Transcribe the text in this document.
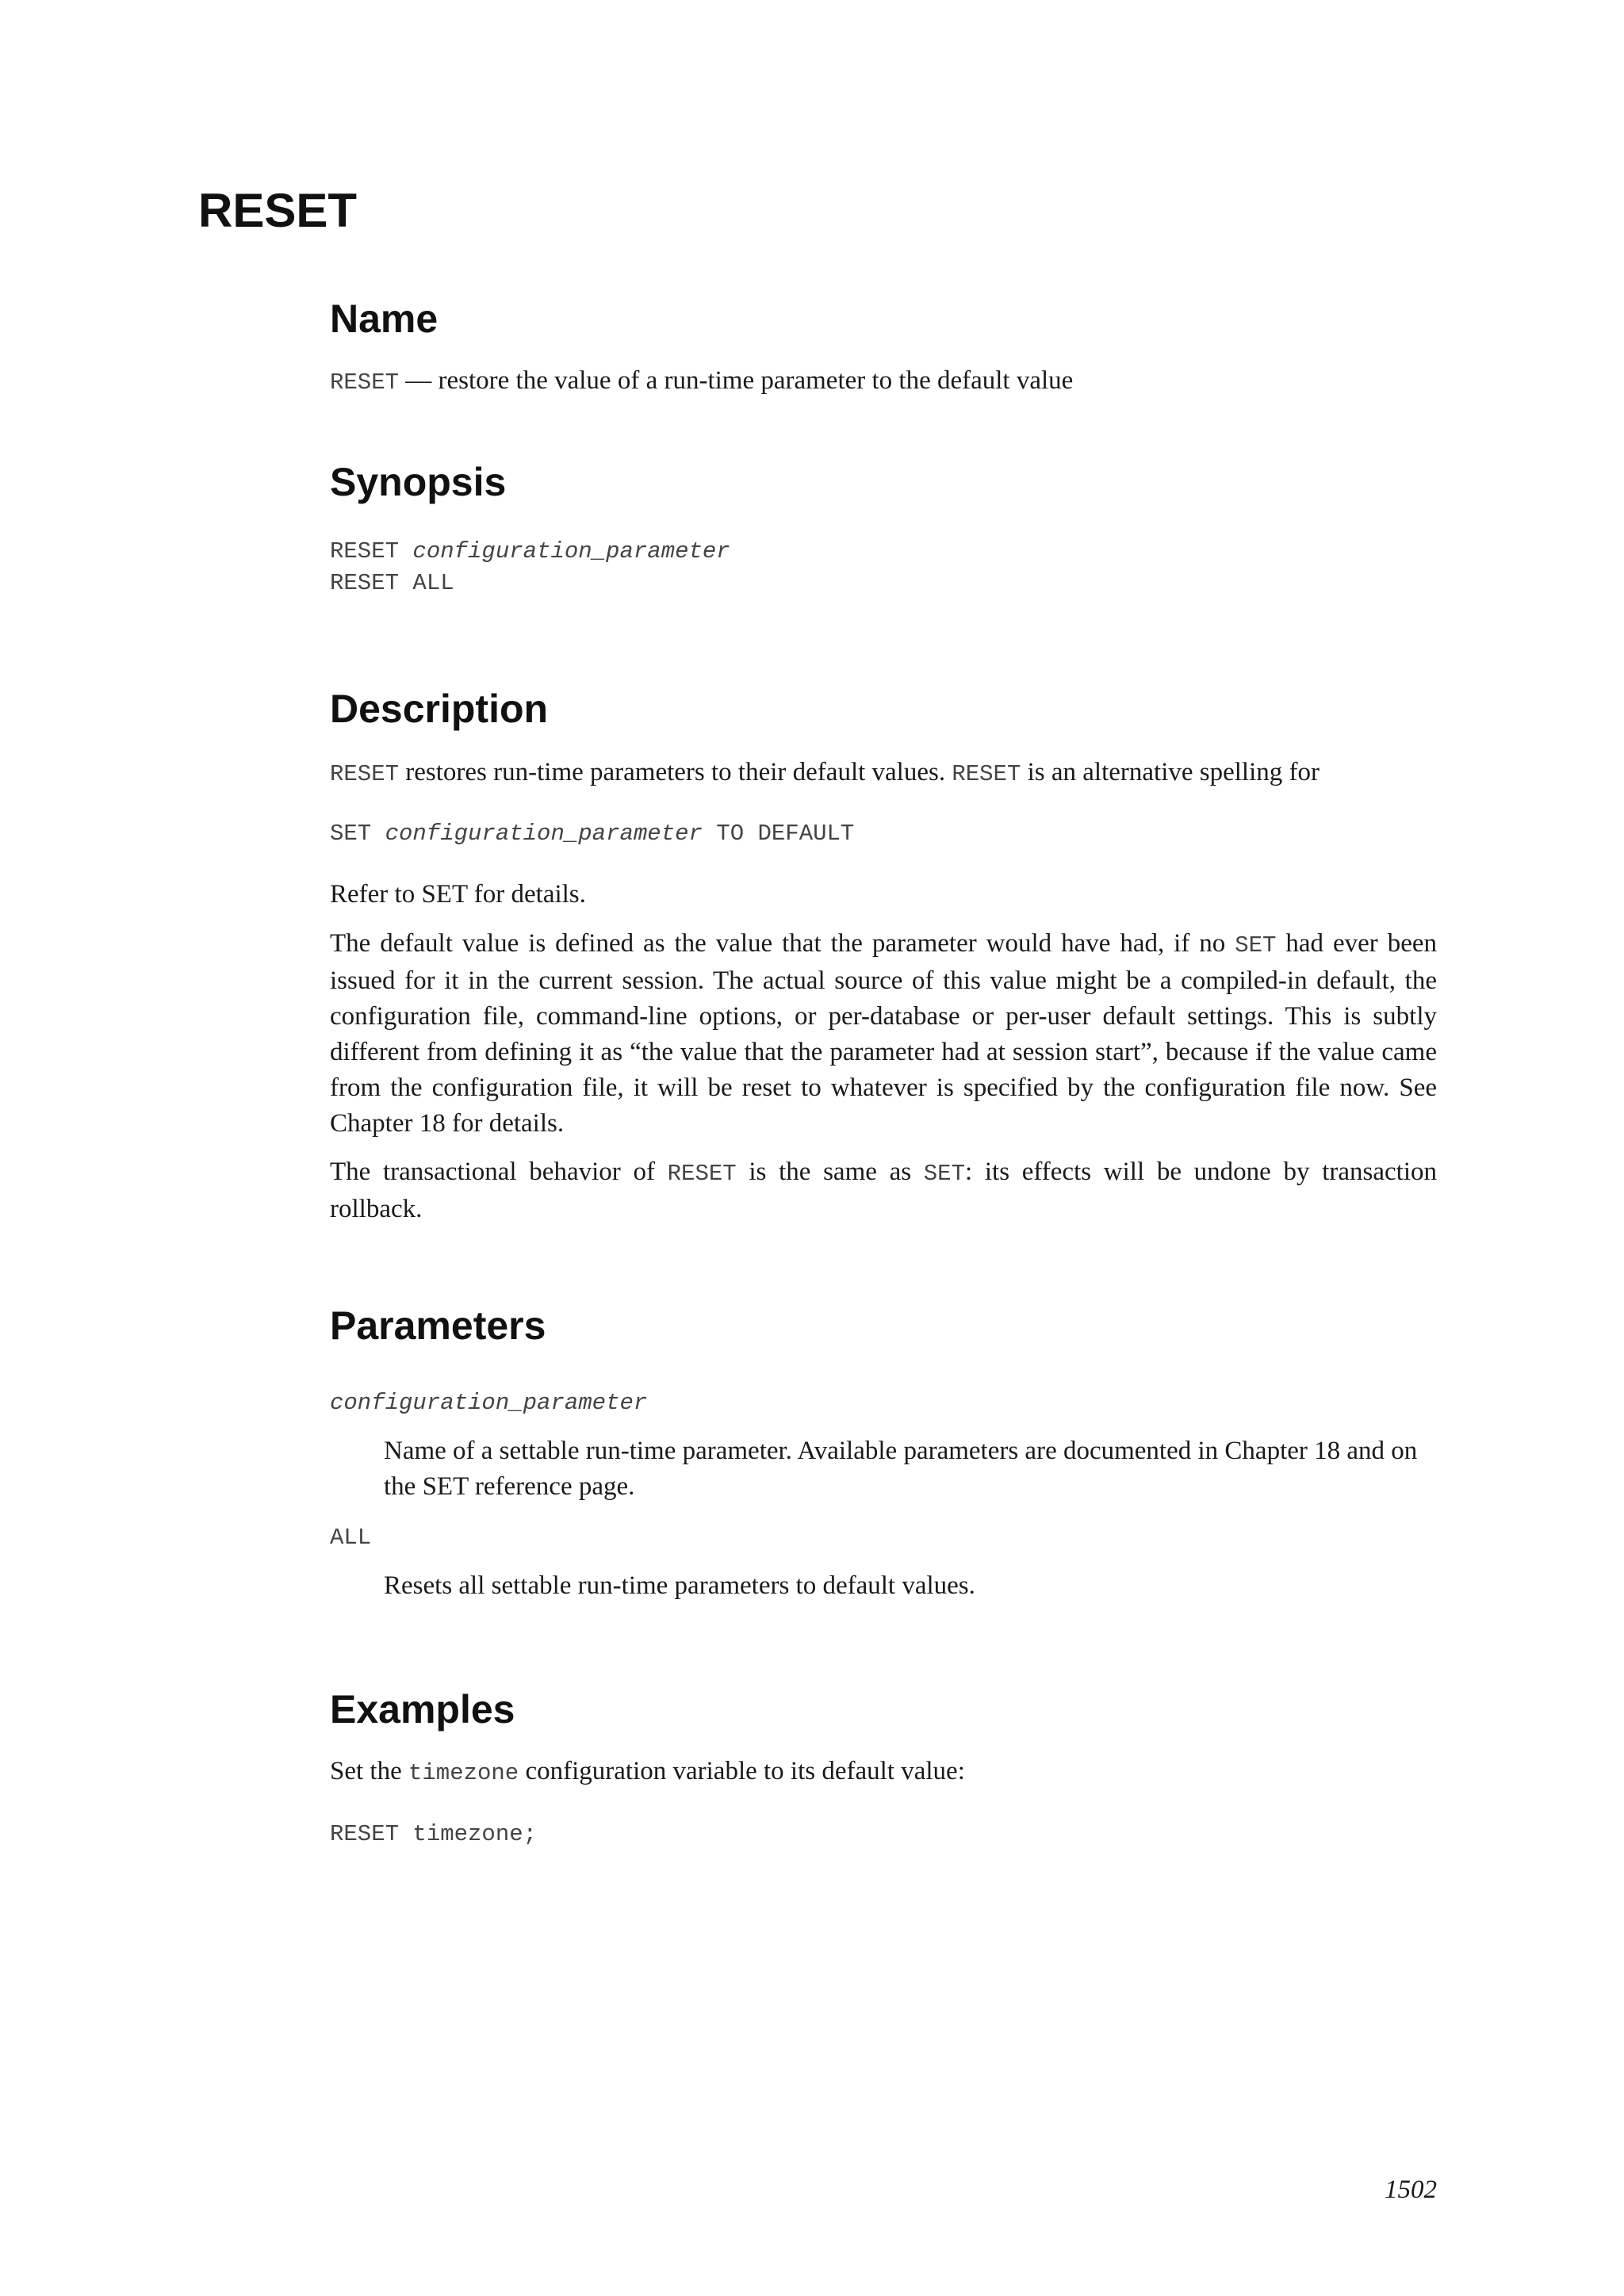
RESET
Name

RESET — restore the value of a run-time parameter to the default value

Synopsis

RESET configuration_parameter

RESET ALL

Description

RESET restores run-time parameters to their default values. RESET is an alternative spelling for

SET configuration_parameter TO DEFAULT

Refer to SET for details.

The default value is defined as the value that the parameter would have had, if no SET had ever been issued for it in the current session. The actual source of this value might be a compiled-in default, the configuration file, command-line options, or per-database or per-user default settings. This is subtly different from defining it as “the value that the parameter had at session start”, because if the value came from the configuration file, it will be reset to whatever is specified by the configuration file now. See Chapter 18 for details.

The transactional behavior of RESET is the same as SET: its effects will be undone by transaction rollback.

Parameters

configuration_parameter

Name of a settable run-time parameter. Available parameters are documented in Chapter 18 and on the SET reference page.

ALL

Resets all settable run-time parameters to default values.

Examples

Set the timezone configuration variable to its default value:

RESET timezone;

1502
